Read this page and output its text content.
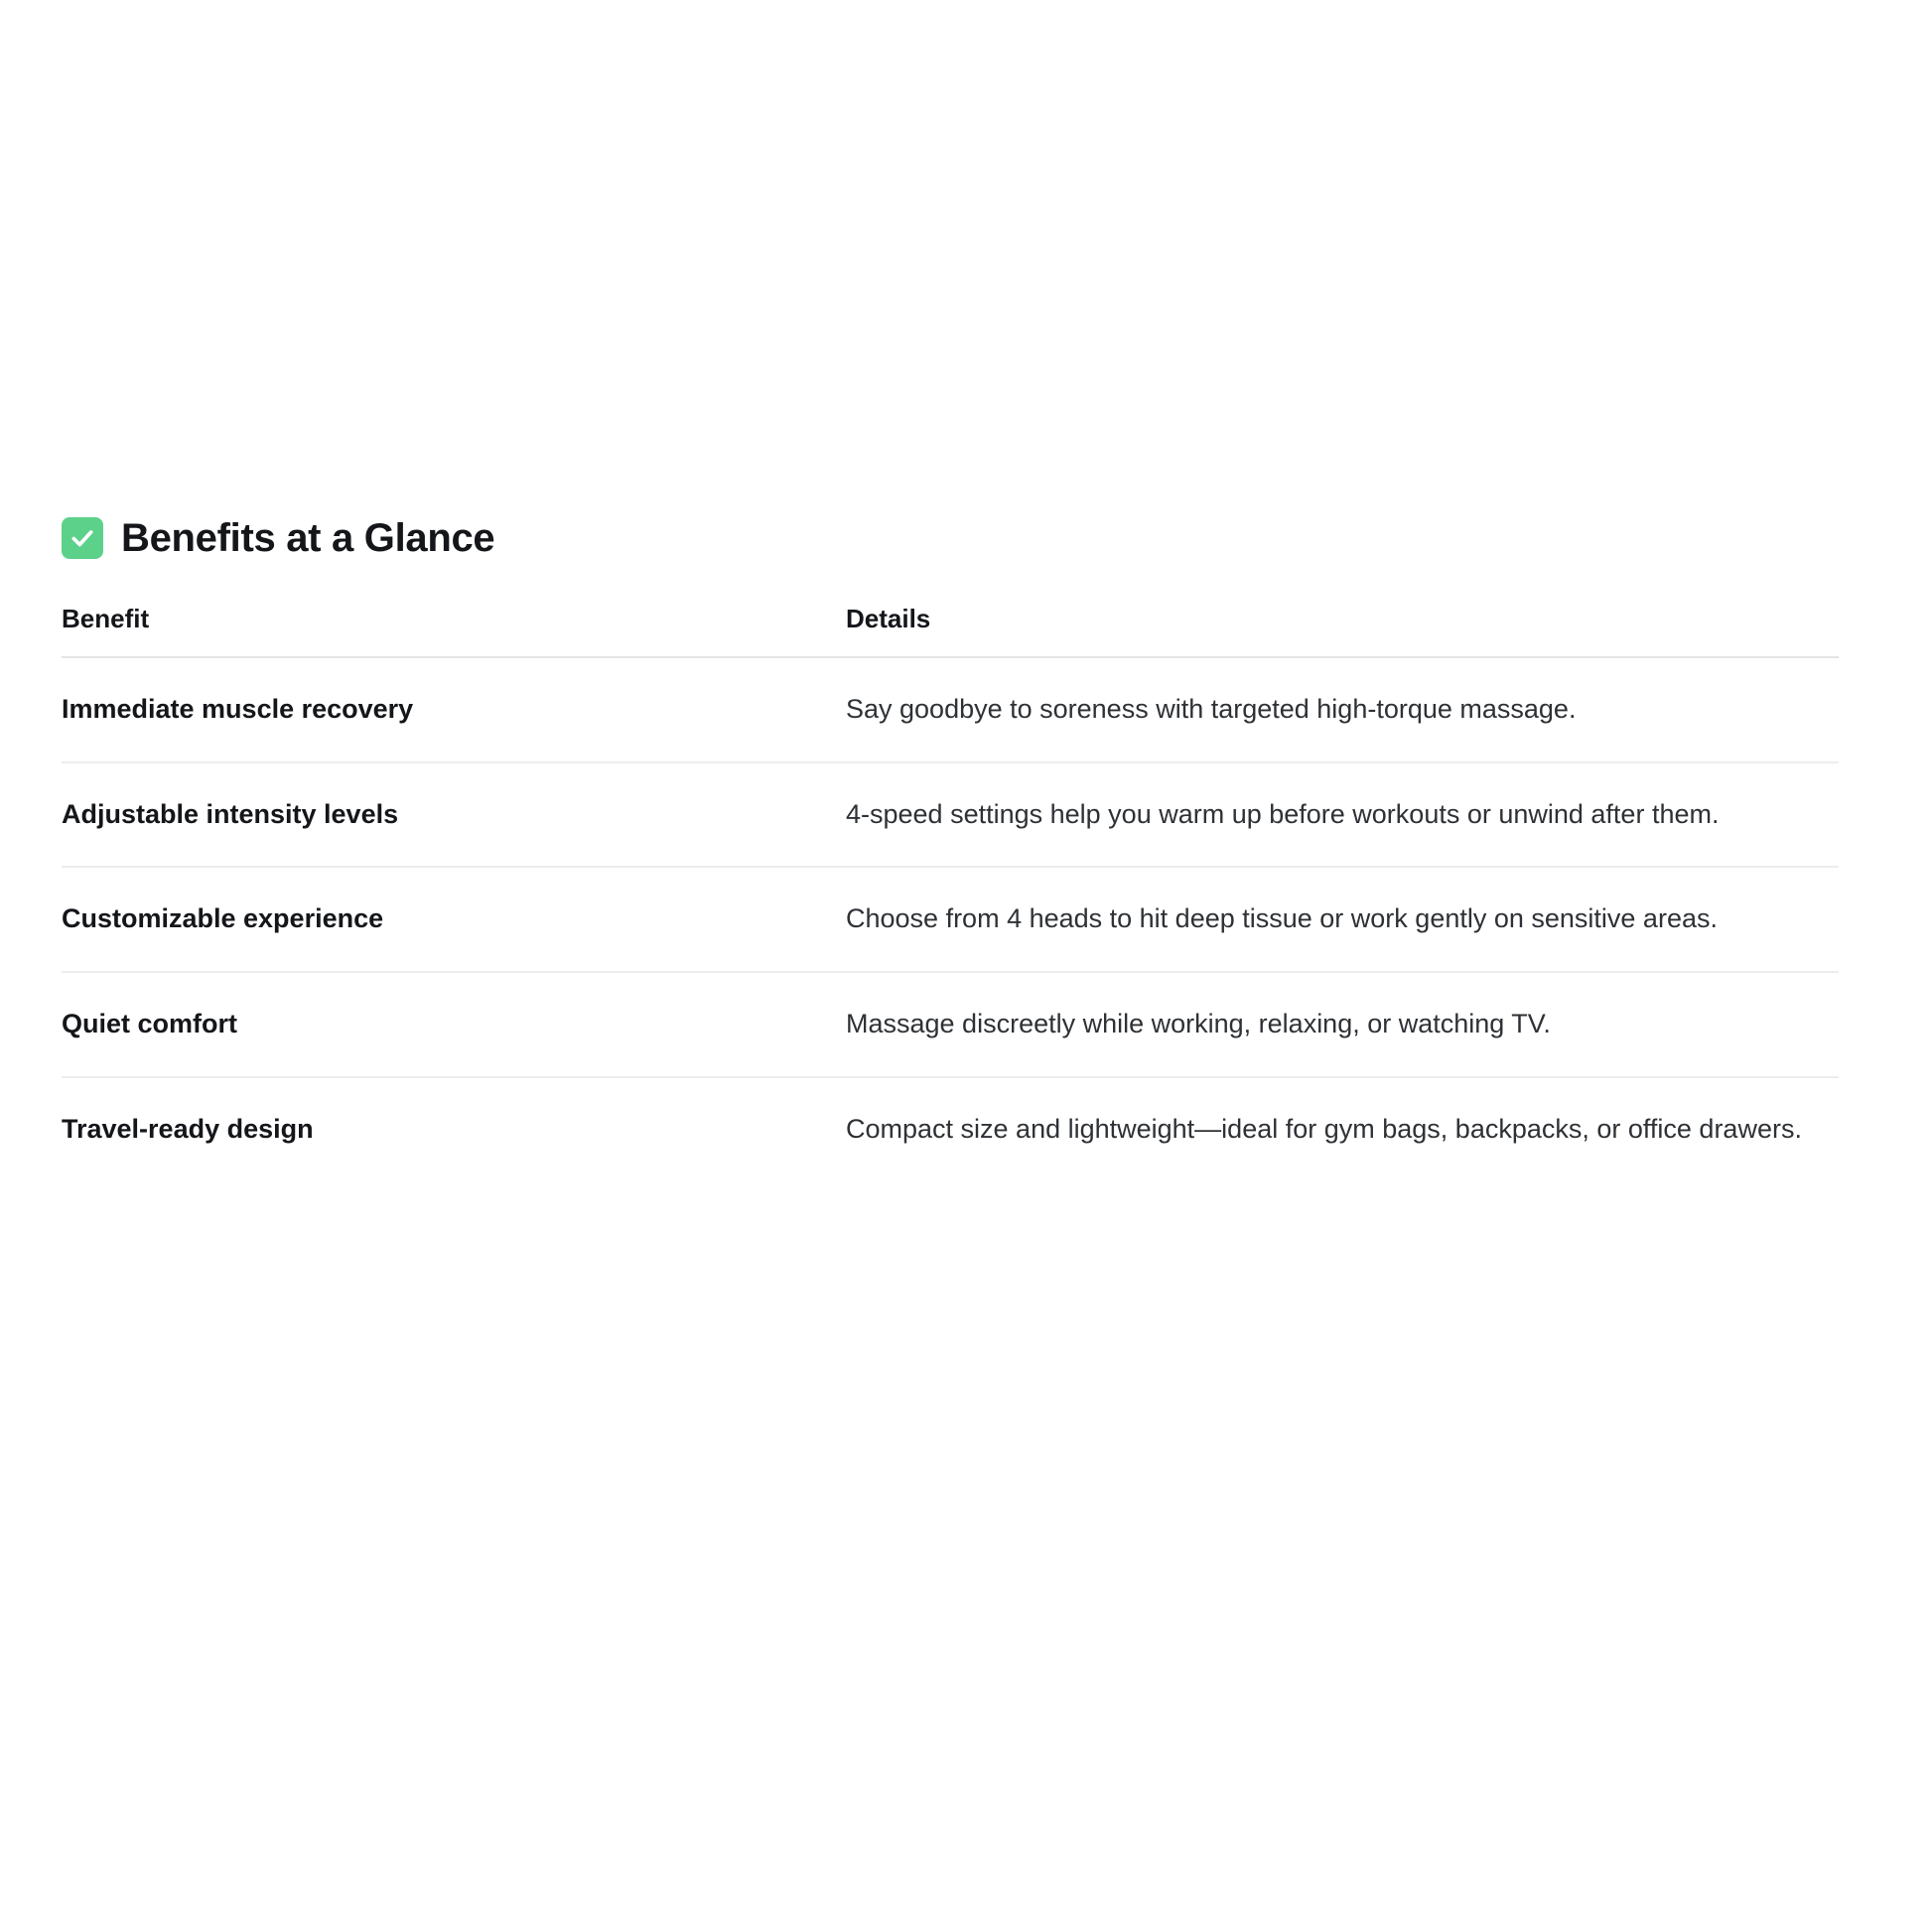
Benefits at a Glance
Benefit	Details
Immediate muscle recovery	Say goodbye to soreness with targeted high-torque massage.
Adjustable intensity levels	4-speed settings help you warm up before workouts or unwind after them.
Customizable experience	Choose from 4 heads to hit deep tissue or work gently on sensitive areas.
Quiet comfort	Massage discreetly while working, relaxing, or watching TV.
Travel-ready design	Compact size and lightweight—ideal for gym bags, backpacks, or office drawers.
